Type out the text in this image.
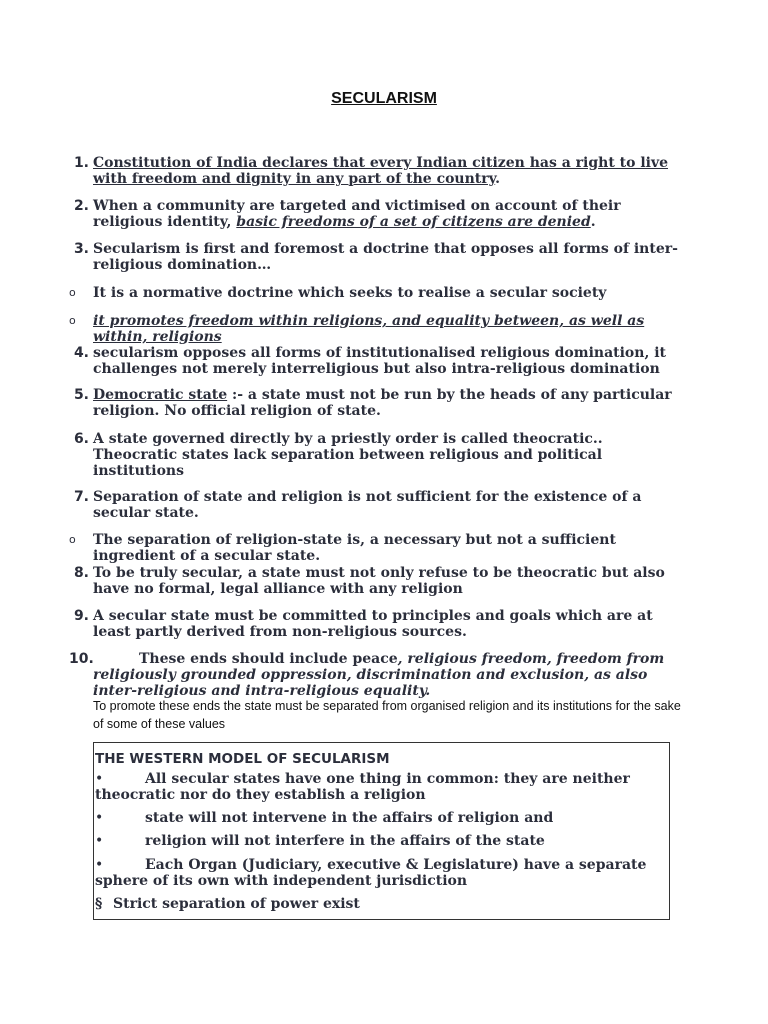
SECULARISM
1. Constitution of India declares that every Indian citizen has a right to live with freedom and dignity in any part of the country.
2. When a community are targeted and victimised on account of their religious identity, basic freedoms of a set of citizens are denied.
3. Secularism is first and foremost a doctrine that opposes all forms of inter-religious domination…
o It is a normative doctrine which seeks to realise a secular society
o it promotes freedom within religions, and equality between, as well as within, religions
4. secularism opposes all forms of institutionalised religious domination, it challenges not merely interreligious but also intra-religious domination
5. Democratic state :- a state must not be run by the heads of any particular religion. No official religion of state.
6. A state governed directly by a priestly order is called theocratic.. Theocratic states lack separation between religious and political institutions
7. Separation of state and religion is not sufficient for the existence of a secular state.
o The separation of religion-state is, a necessary but not a sufficient ingredient of a secular state.
8. To be truly secular, a state must not only refuse to be theocratic but also have no formal, legal alliance with any religion
9. A secular state must be committed to principles and goals which are at least partly derived from non-religious sources.
10.	These ends should include peace, religious freedom, freedom from religiously grounded oppression, discrimination and exclusion, as also inter-religious and intra-religious equality.
To promote these ends the state must be separated from organised religion and its institutions for the sake of some of these values
THE WESTERN MODEL OF SECULARISM
•	All secular states have one thing in common: they are neither theocratic nor do they establish a religion
•	state will not intervene in the affairs of religion and
•	religion will not interfere in the affairs of the state
•	Each Organ (Judiciary, executive & Legislature) have a separate sphere of its own with independent jurisdiction
§ Strict separation of power exist
